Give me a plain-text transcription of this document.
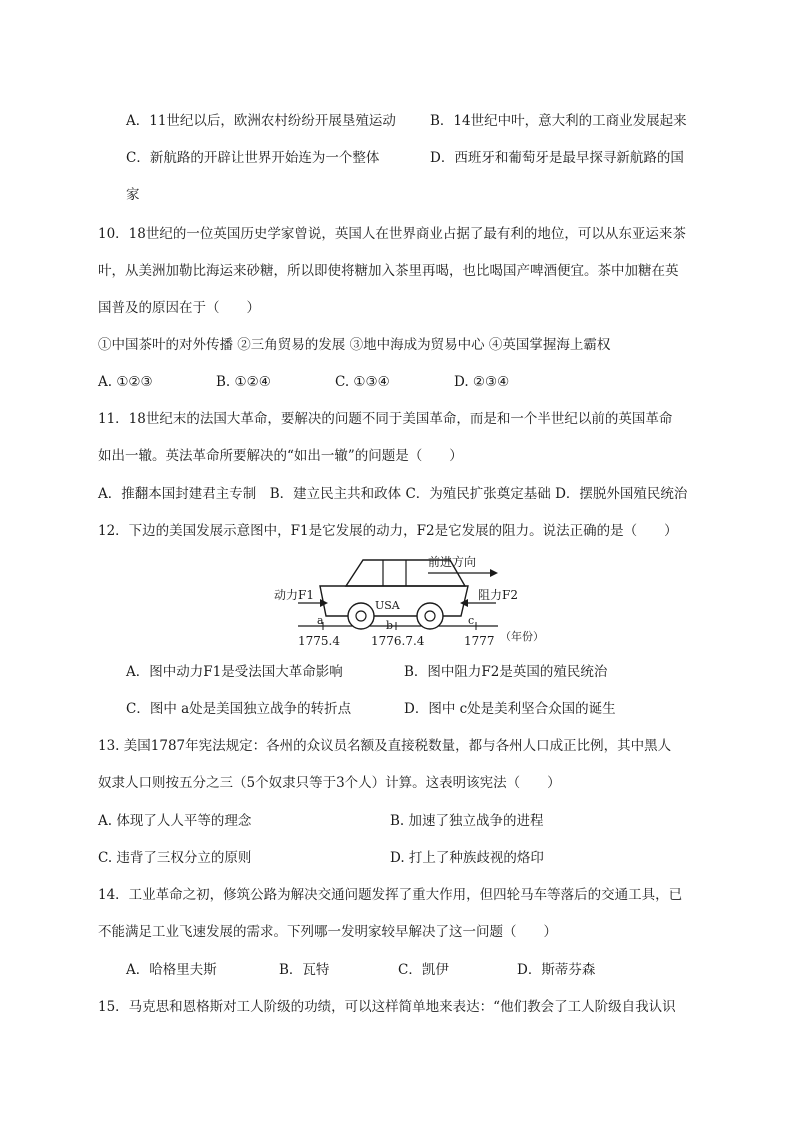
A．11世纪以后，欧洲农村纷纷开展垦殖运动	B．14世纪中叶，意大利的工商业发展起来
C．新航路的开辟让世界开始连为一个整体	D．西班牙和葡萄牙是最早探寻新航路的国
家
10．18世纪的一位英国历史学家曾说，英国人在世界商业占据了最有利的地位，可以从东亚运来茶
叶，从美洲加勒比海运来砂糖，所以即使将糖加入茶里再喝，也比喝国产啤酒便宜。茶中加糖在英
国普及的原因在于（　　）
①中国茶叶的对外传播 ②三角贸易的发展 ③地中海成为贸易中心 ④英国掌握海上霸权
A. ①②③	B. ①②④	C. ①③④	D. ②③④
11．18世纪末的法国大革命，要解决的问题不同于美国革命，而是和一个半世纪以前的英国革命
如出一辙。英法革命所要解决的“如出一辙”的问题是（　　）
A．推翻本国封建君主专制　B．建立民主共和政体 C．为殖民扩张奠定基础 D．摆脱外国殖民统治
12．下边的美国发展示意图中，F1是它发展的动力，F2是它发展的阻力。说法正确的是（　　）
USA
前进方向
动力F1	阻力F2
a	b	c
1775.4	1776.7.4	1777 （年份）
A．图中动力F1是受法国大革命影响	B．图中阻力F2是英国的殖民统治
C．图中 a处是美国独立战争的转折点	D．图中 c处是美利坚合众国的诞生
13. 美国1787年宪法规定：各州的众议员名额及直接税数量，都与各州人口成正比例，其中黑人
奴隶人口则按五分之三（5个奴隶只等于3个人）计算。这表明该宪法（　　）
A. 体现了人人平等的理念	B. 加速了独立战争的进程
C. 违背了三权分立的原则	D. 打上了种族歧视的烙印
14．工业革命之初，修筑公路为解决交通问题发挥了重大作用，但四轮马车等落后的交通工具，已
不能满足工业飞速发展的需求。下列哪一发明家较早解决了这一问题（　　）
A．哈格里夫斯	B．瓦特	C．凯伊	D．斯蒂芬森
15．马克思和恩格斯对工人阶级的功绩，可以这样简单地来表达：“他们教会了工人阶级自我认识
